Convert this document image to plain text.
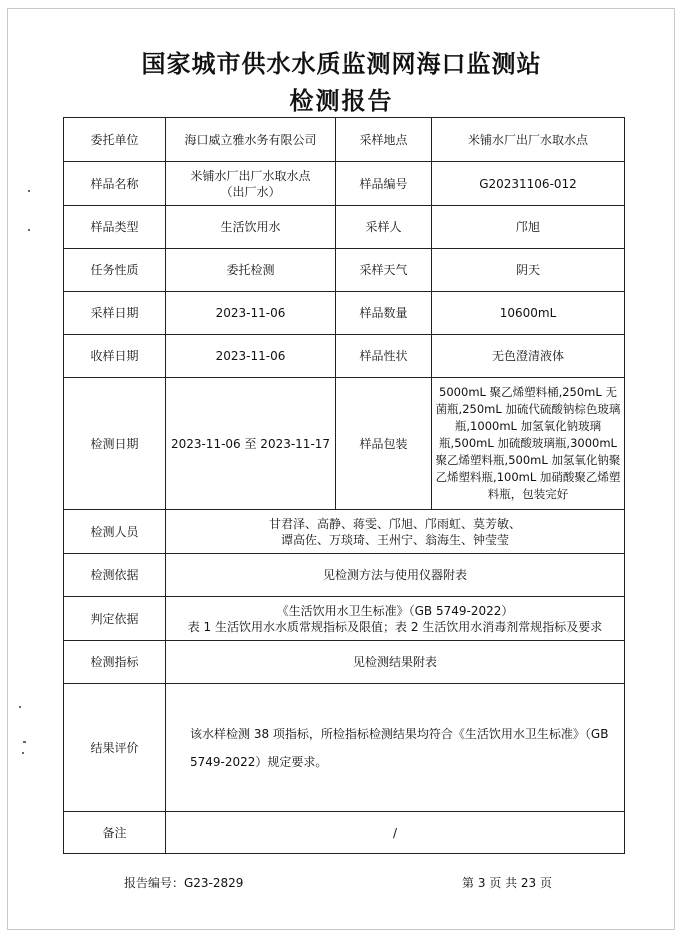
国家城市供水水质监测网海口监测站
检测报告
委托单位	海口威立雅水务有限公司	采样地点	米铺水厂出厂水取水点
样品名称	米铺水厂出厂水取水点（出厂水）	样品编号	G20231106-012
样品类型	生活饮用水	采样人	邝旭
任务性质	委托检测	采样天气	阴天
采样日期	2023-11-06	样品数量	10600mL
收样日期	2023-11-06	样品性状	无色澄清液体
检测日期	2023-11-06 至 2023-11-17	样品包装	5000mL 聚乙烯塑料桶,250mL 无菌瓶,250mL 加硫代硫酸钠棕色玻璃瓶,1000mL 加氢氧化钠玻璃瓶,500mL 加硫酸玻璃瓶,3000mL 聚乙烯塑料瓶,500mL 加氢氧化钠聚乙烯塑料瓶,100mL 加硝酸聚乙烯塑料瓶，包装完好
检测人员	甘君泽、高静、蒋雯、邝旭、邝雨虹、莫芳敏、
谭高佐、万琰琦、王州宁、翁海生、钟莹莹		

检测依据	见检测方法与使用仪器附表		
判定依据	《生活饮用水卫生标准》（GB 5749-2022）
表 1 生活饮用水水质常规指标及限值；表 2 生活饮用水消毒剂常规指标及要求		

检测指标	见检测结果附表		
结果评价	该水样检测 38 项指标，所检指标检测结果均符合《生活饮用水卫生标准》（GB 5749-2022）规定要求。		
备注	/		
报告编号：G23-2829	第 3 页 共 23 页
